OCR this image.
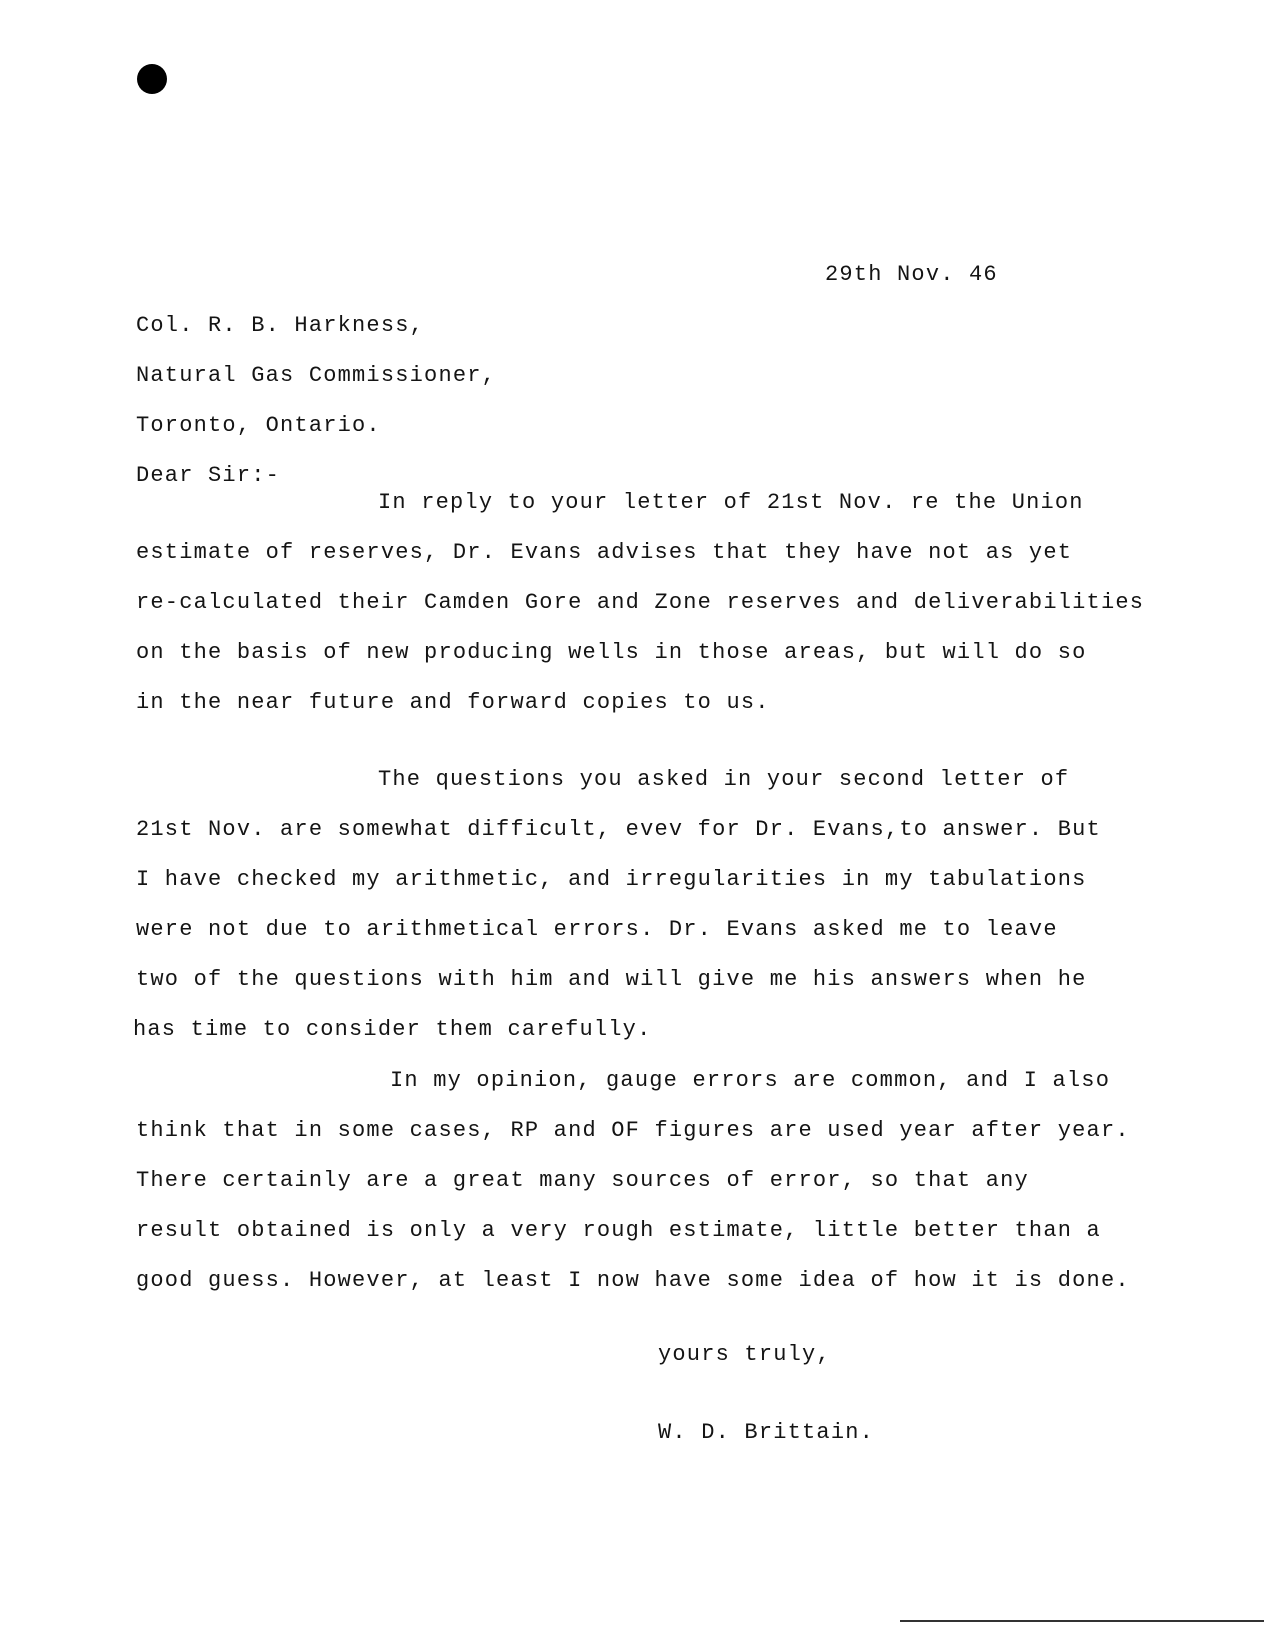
29th Nov. 46
Col. R. B. Harkness,
Natural Gas Commissioner,
Toronto, Ontario.
Dear Sir:-
In reply to your letter of 21st Nov. re the Union
estimate of reserves, Dr. Evans advises that they have not as yet
re-calculated their Camden Gore and Zone reserves and deliverabilities
on the basis of new producing wells in those areas, but will do so
in the near future and forward copies to us.
The questions you asked in your second letter of
21st Nov. are somewhat difficult, evev for Dr. Evans,to answer. But
I have checked my arithmetic, and irregularities in my tabulations
were not due to arithmetical errors. Dr. Evans asked me to leave
two of the questions with him and will give me his answers when he
has time to consider them carefully.
In my opinion, gauge errors are common, and I also
think that in some cases, RP and OF figures are used year after year.
There certainly are a great many sources of error, so that any
result obtained is only a very rough estimate, little better than a
good guess. However, at least I now have some idea of how it is done.
yours truly,
W. D. Brittain.
